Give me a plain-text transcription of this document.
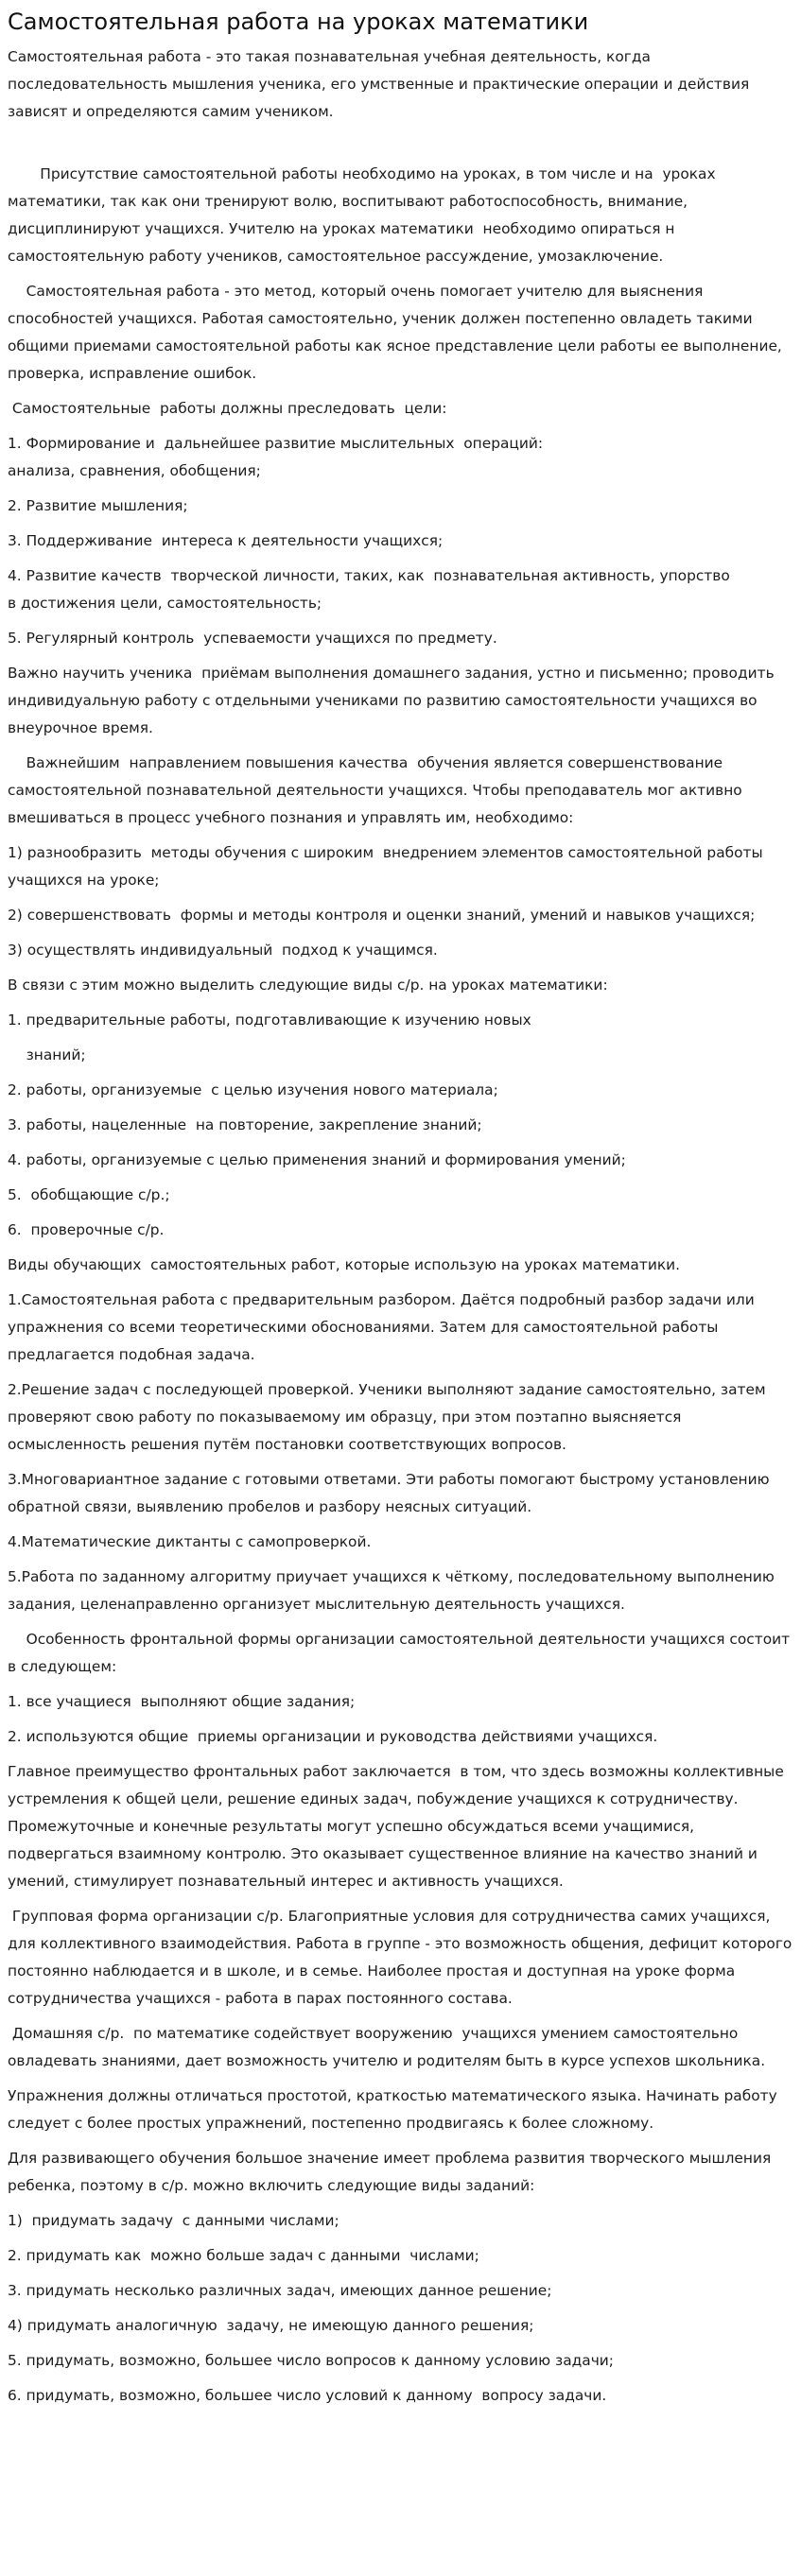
Самостоятельная работа на уроках математики
Самостоятельная работа - это такая познавательная учебная деятельность, когда последовательность мышления ученика, его умственные и практические операции и действия зависят и определяются самим учеником.
Присутствие самостоятельной работы необходимо на уроках, в том числе и на  уроках математики, так как они тренируют волю, воспитывают работоспособность, внимание, дисциплинируют учащихся. Учителю на уроках математики  необходимо опираться н самостоятельную работу учеников, самостоятельное рассуждение, умозаключение.
Самостоятельная работа - это метод, который очень помогает учителю для выяснения способностей учащихся. Работая самостоятельно, ученик должен постепенно овладеть такими общими приемами самостоятельной работы как ясное представление цели работы ее выполнение, проверка, исправление ошибок.
Самостоятельные  работы должны преследовать  цели:
1. Формирование и  дальнейшее развитие мыслительных  операций:
анализа, сравнения, обобщения;
2. Развитие мышления;
3. Поддерживание  интереса к деятельности учащихся;
4. Развитие качеств  творческой личности, таких, как  познавательная активность, упорство
в достижения цели, самостоятельность;
5. Регулярный контроль  успеваемости учащихся по предмету.
Важно научить ученика  приёмам выполнения домашнего задания, устно и письменно; проводить индивидуальную работу с отдельными учениками по развитию самостоятельности учащихся во внеурочное время.
Важнейшим  направлением повышения качества  обучения является совершенствование самостоятельной познавательной деятельности учащихся. Чтобы преподаватель мог активно вмешиваться в процесс учебного познания и управлять им, необходимо:
1) разнообразить  методы обучения с широким  внедрением элементов самостоятельной работы учащихся на уроке;
2) совершенствовать  формы и методы контроля и оценки знаний, умений и навыков учащихся;
3) осуществлять индивидуальный  подход к учащимся.
В связи с этим можно выделить следующие виды с/р. на уроках математики:
1. предварительные работы, подготавливающие к изучению новых
знаний;
2. работы, организуемые  с целью изучения нового материала;
3. работы, нацеленные  на повторение, закрепление знаний;
4. работы, организуемые с целью применения знаний и формирования умений;
5.  обобщающие с/р.;
6.  проверочные с/р.
Виды обучающих  самостоятельных работ, которые использую на уроках математики.
1.Самостоятельная работа с предварительным разбором. Даётся подробный разбор задачи или упражнения со всеми теоретическими обоснованиями. Затем для самостоятельной работы предлагается подобная задача.
2.Решение задач с последующей проверкой. Ученики выполняют задание самостоятельно, затем проверяют свою работу по показываемому им образцу, при этом поэтапно выясняется осмысленность решения путём постановки соответствующих вопросов.
3.Многовариантное задание с готовыми ответами. Эти работы помогают быстрому установлению обратной связи, выявлению пробелов и разбору неясных ситуаций.
4.Математические диктанты с самопроверкой.
5.Работа по заданному алгоритму приучает учащихся к чёткому, последовательному выполнению задания, целенаправленно организует мыслительную деятельность учащихся.
Особенность фронтальной формы организации самостоятельной деятельности учащихся состоит в следующем:
1. все учащиеся  выполняют общие задания;
2. используются общие  приемы организации и руководства действиями учащихся.
Главное преимущество фронтальных работ заключается  в том, что здесь возможны коллективные устремления к общей цели, решение единых задач, побуждение учащихся к сотрудничеству. Промежуточные и конечные результаты могут успешно обсуждаться всеми учащимися, подвергаться взаимному контролю. Это оказывает существенное влияние на качество знаний и умений, стимулирует познавательный интерес и активность учащихся.
Групповая форма организации с/р. Благоприятные условия для сотрудничества самих учащихся, для коллективного взаимодействия. Работа в группе - это возможность общения, дефицит которого постоянно наблюдается и в школе, и в семье. Наиболее простая и доступная на уроке форма сотрудничества учащихся - работа в парах постоянного состава.
Домашняя с/р.  по математике содействует вооружению  учащихся умением самостоятельно овладевать знаниями, дает возможность учителю и родителям быть в курсе успехов школьника.
Упражнения должны отличаться простотой, краткостью математического языка. Начинать работу следует с более простых упражнений, постепенно продвигаясь к более сложному.
Для развивающего обучения большое значение имеет проблема развития творческого мышления ребенка, поэтому в с/р. можно включить следующие виды заданий:
1)  придумать задачу  с данными числами;
2. придумать как  можно больше задач с данными  числами;
3. придумать несколько различных задач, имеющих данное решение;
4) придумать аналогичную  задачу, не имеющую данного решения;
5. придумать, возможно, большее число вопросов к данному условию задачи;
6. придумать, возможно, большее число условий к данному  вопросу задачи.
